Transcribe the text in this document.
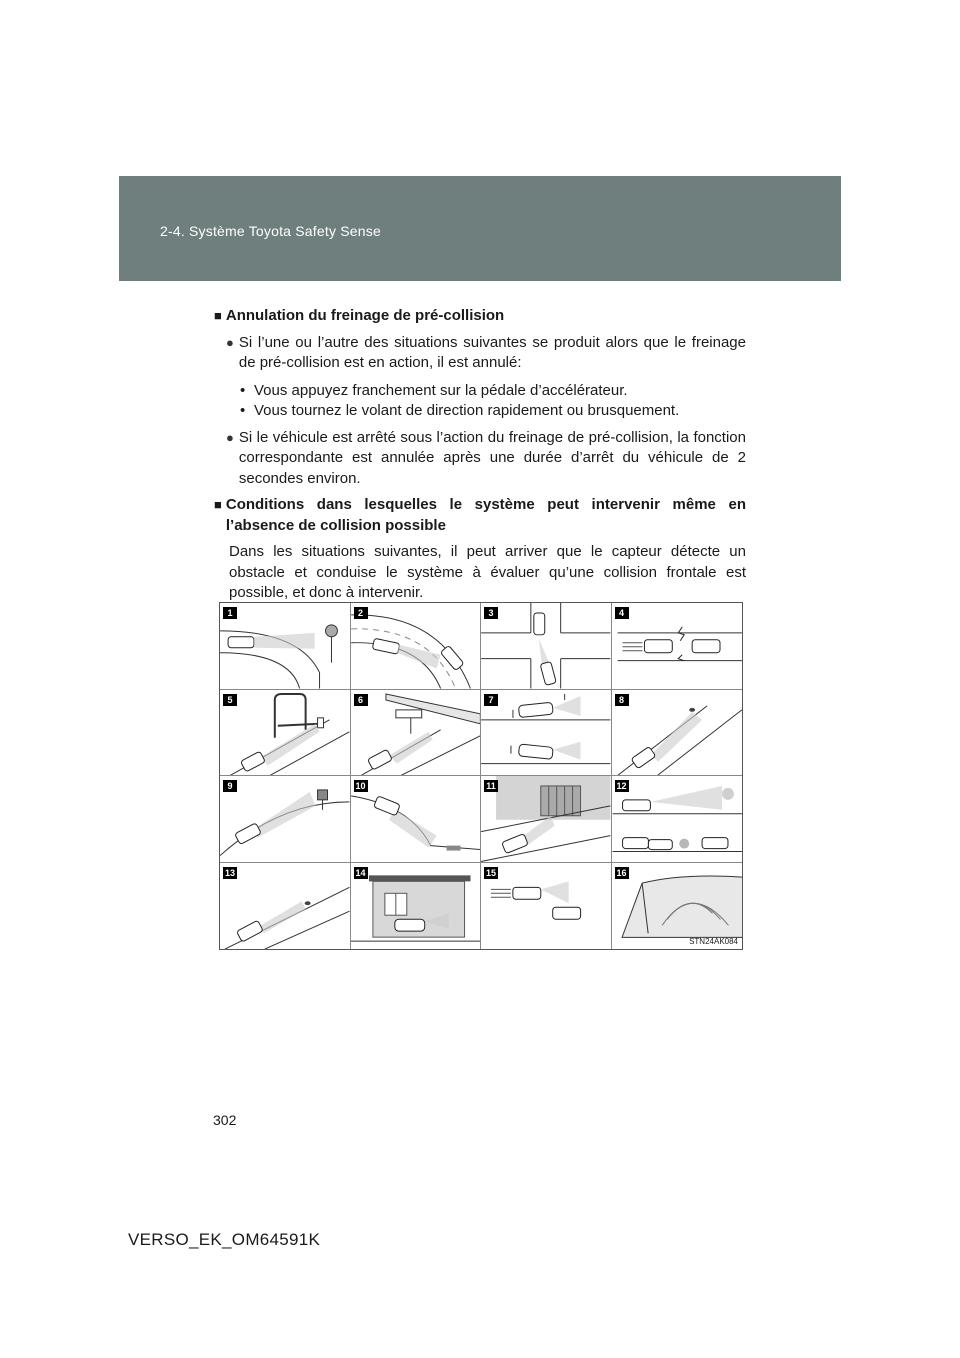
2-4. Système Toyota Safety Sense
■ Annulation du freinage de pré-collision
● Si l’une ou l’autre des situations suivantes se produit alors que le freinage de pré-collision est en action, il est annulé:
• Vous appuyez franchement sur la pédale d’accélérateur.
• Vous tournez le volant de direction rapidement ou brusquement.
● Si le véhicule est arrêté sous l’action du freinage de pré-collision, la fonction correspondante est annulée après une durée d’arrêt du véhicule de 2 secondes environ.
■ Conditions dans lesquelles le système peut intervenir même en l’absence de collision possible
Dans les situations suivantes, il peut arriver que le capteur détecte un obstacle et conduise le système à évaluer qu’une collision frontale est possible, et donc à intervenir.
1	2	3	4
5	6	7	8
9	10	11	12
13	14	15	16
STN24AK084
302
VERSO_EK_OM64591K
